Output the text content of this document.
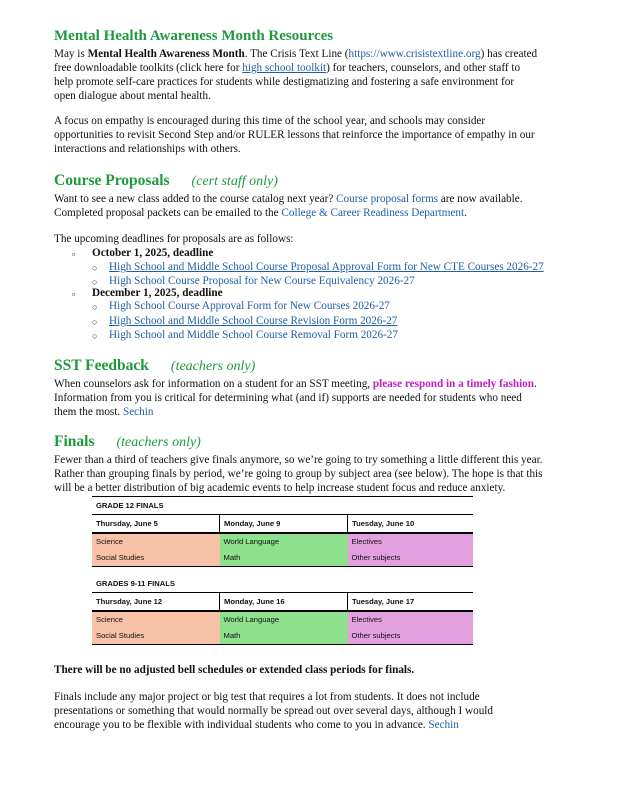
Mental Health Awareness Month Resources
May is Mental Health Awareness Month. The Crisis Text Line (https://www.crisistextline.org) has created
free downloadable toolkits (click here for high school toolkit) for teachers, counselors, and other staff to
help promote self-care practices for students while destigmatizing and fostering a safe environment for
open dialogue about mental health.
A focus on empathy is encouraged during this time of the school year, and schools may consider
opportunities to revisit Second Step and/or RULER lessons that reinforce the importance of empathy in our
interactions and relationships with others.
Course Proposals (cert staff only)
Want to see a new class added to the course catalog next year? Course proposal forms are now available.
Completed proposal packets can be emailed to the College & Career Readiness Department.
The upcoming deadlines for proposals are as follows:
▫ October 1, 2025, deadline
○ High School and Middle School Course Proposal Approval Form for New CTE Courses 2026-27
○ High School Course Proposal for New Course Equivalency 2026-27
▫ December 1, 2025, deadline
○ High School Course Approval Form for New Courses 2026-27
○ High School and Middle School Course Revision Form 2026-27
○ High School and Middle School Course Removal Form 2026-27
SST Feedback (teachers only)
When counselors ask for information on a student for an SST meeting, please respond in a timely fashion.
Information from you is critical for determining what (and if) supports are needed for students who need
them the most. Sechin
Finals (teachers only)
Fewer than a third of teachers give finals anymore, so we’re going to try something a little different this year.
Rather than grouping finals by period, we’re going to group by subject area (see below). The hope is that this
will be a better distribution of big academic events to help increase student focus and reduce anxiety.
GRADE 12 FINALS		
Thursday, June 5	Monday, June 9	Tuesday, June 10
Science	World Language	Electives
Social Studies	Math	Other subjects
GRADES 9-11 FINALS		
Thursday, June 12	Monday, June 16	Tuesday, June 17
Science	World Language	Electives
Social Studies	Math	Other subjects
There will be no adjusted bell schedules or extended class periods for finals.
Finals include any major project or big test that requires a lot from students. It does not include
presentations or something that would normally be spread out over several days, although I would
encourage you to be flexible with individual students who come to you in advance. Sechin
